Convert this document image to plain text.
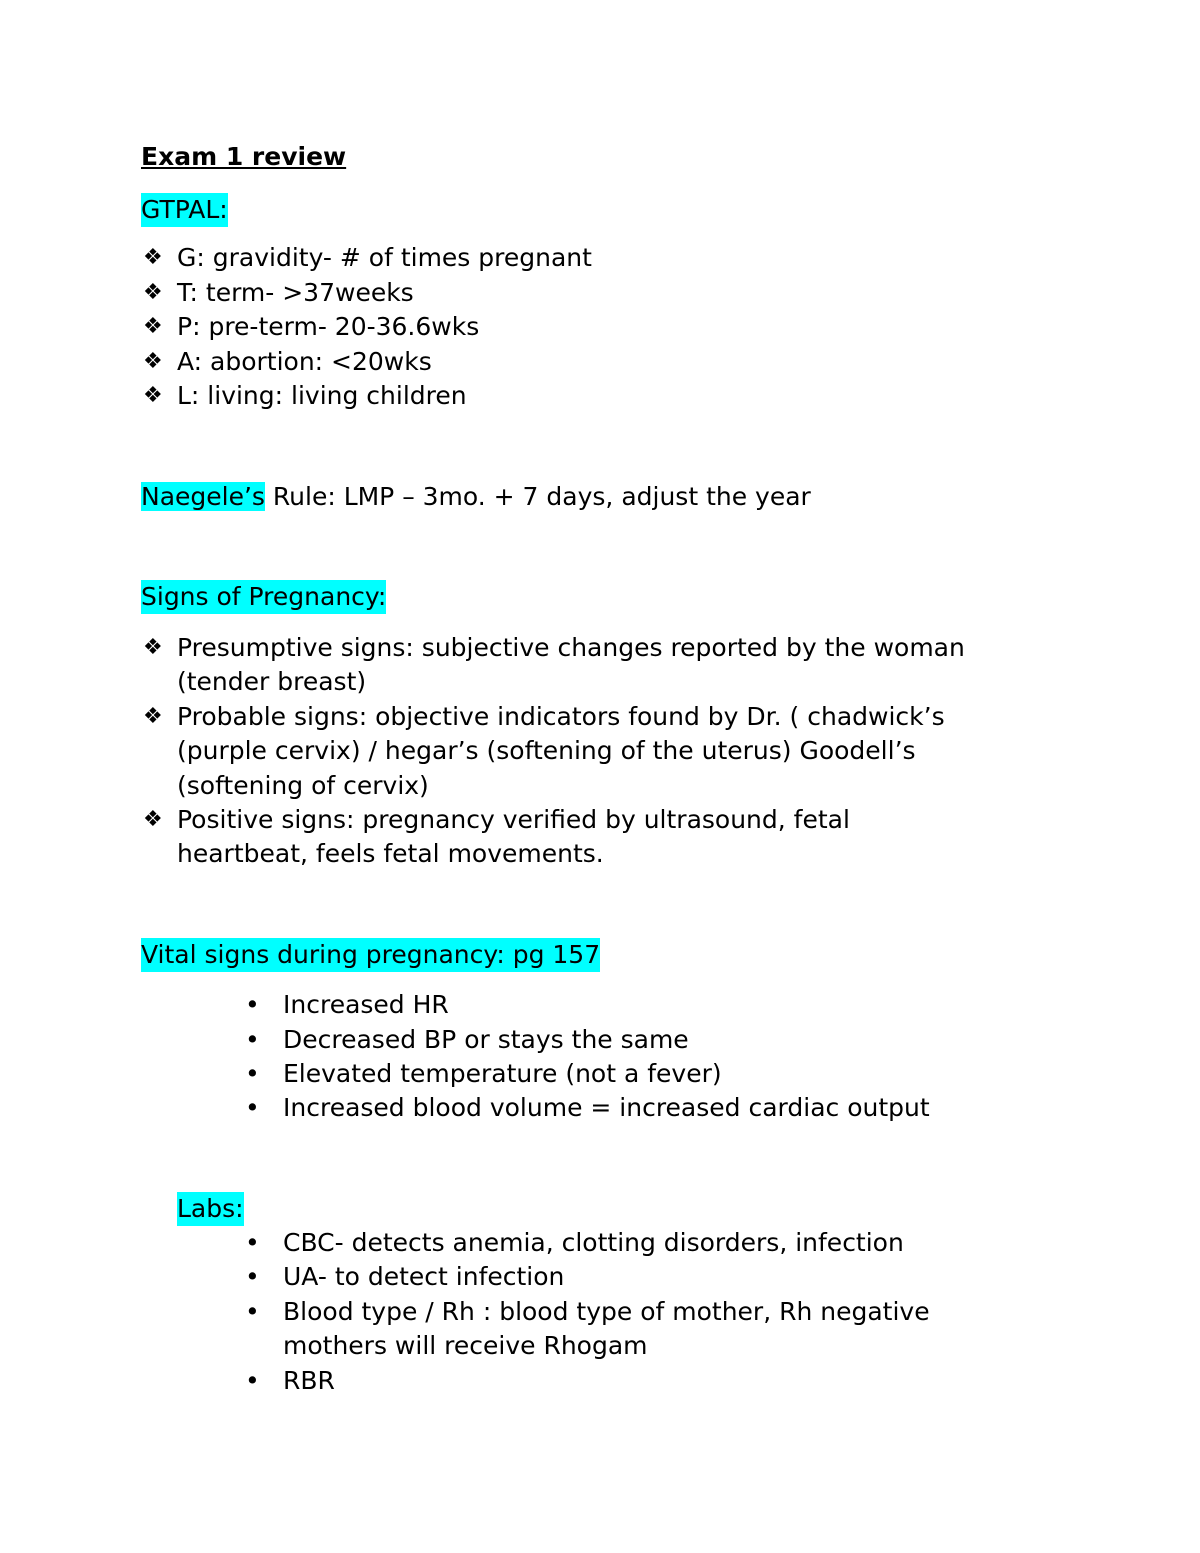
Exam 1 review
GTPAL:
❖ G: gravidity- # of times pregnant
❖ T: term- >37weeks
❖ P: pre-term- 20-36.6wks
❖ A: abortion: <20wks
❖ L: living: living children
Naegele’s Rule: LMP – 3mo. + 7 days, adjust the year
Signs of Pregnancy:
❖ Presumptive signs: subjective changes reported by the woman
(tender breast)
❖ Probable signs: objective indicators found by Dr. ( chadwick’s
(purple cervix) / hegar’s (softening of the uterus) Goodell’s
(softening of cervix)
❖ Positive signs: pregnancy verified by ultrasound, fetal
heartbeat, feels fetal movements.
Vital signs during pregnancy: pg 157
• Increased HR
• Decreased BP or stays the same
• Elevated temperature (not a fever)
• Increased blood volume = increased cardiac output
Labs:
• CBC- detects anemia, clotting disorders, infection
• UA- to detect infection
• Blood type / Rh : blood type of mother, Rh negative
mothers will receive Rhogam
• RBR
